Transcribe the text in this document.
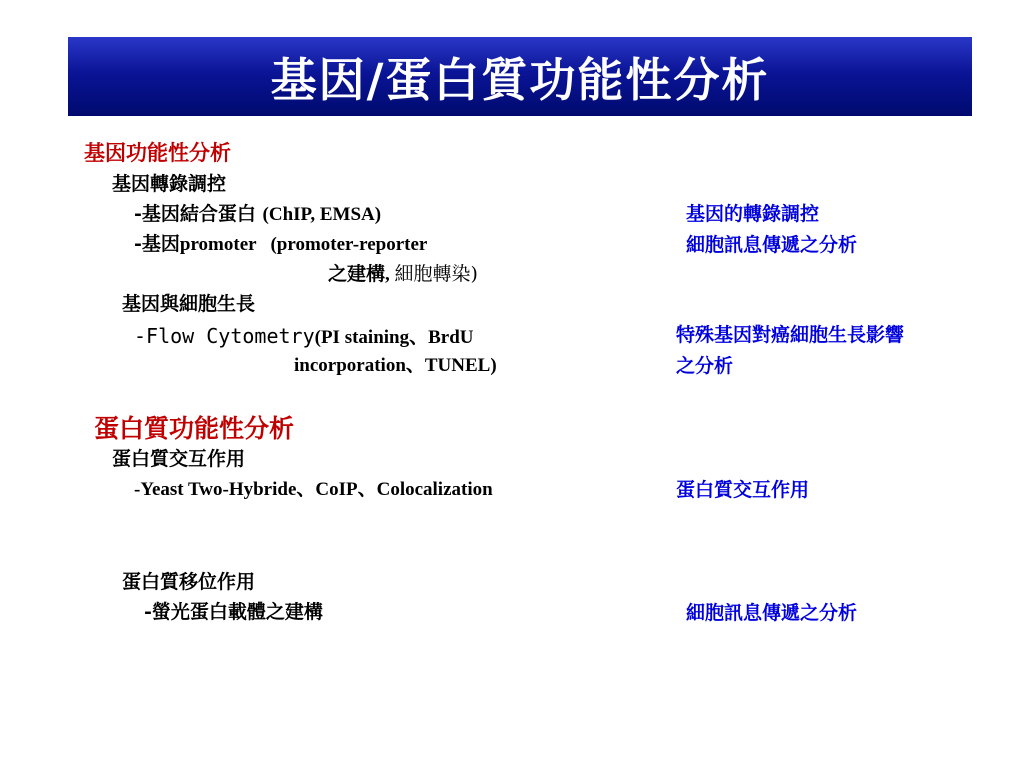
基因/蛋白質功能性分析
基因功能性分析
基因轉錄調控
-基因結合蛋白 (ChIP, EMSA)
-基因promoter   (promoter-reporter
之建構, 細胞轉染)
基因的轉錄調控
細胞訊息傳遞之分析
基因與細胞生長
-Flow Cytometry(PI staining、BrdU
incorporation、TUNEL)
特殊基因對癌細胞生長影響
之分析
蛋白質功能性分析
蛋白質交互作用
-Yeast Two-Hybride、CoIP、Colocalization	蛋白質交互作用
蛋白質移位作用
-螢光蛋白載體之建構	細胞訊息傳遞之分析
